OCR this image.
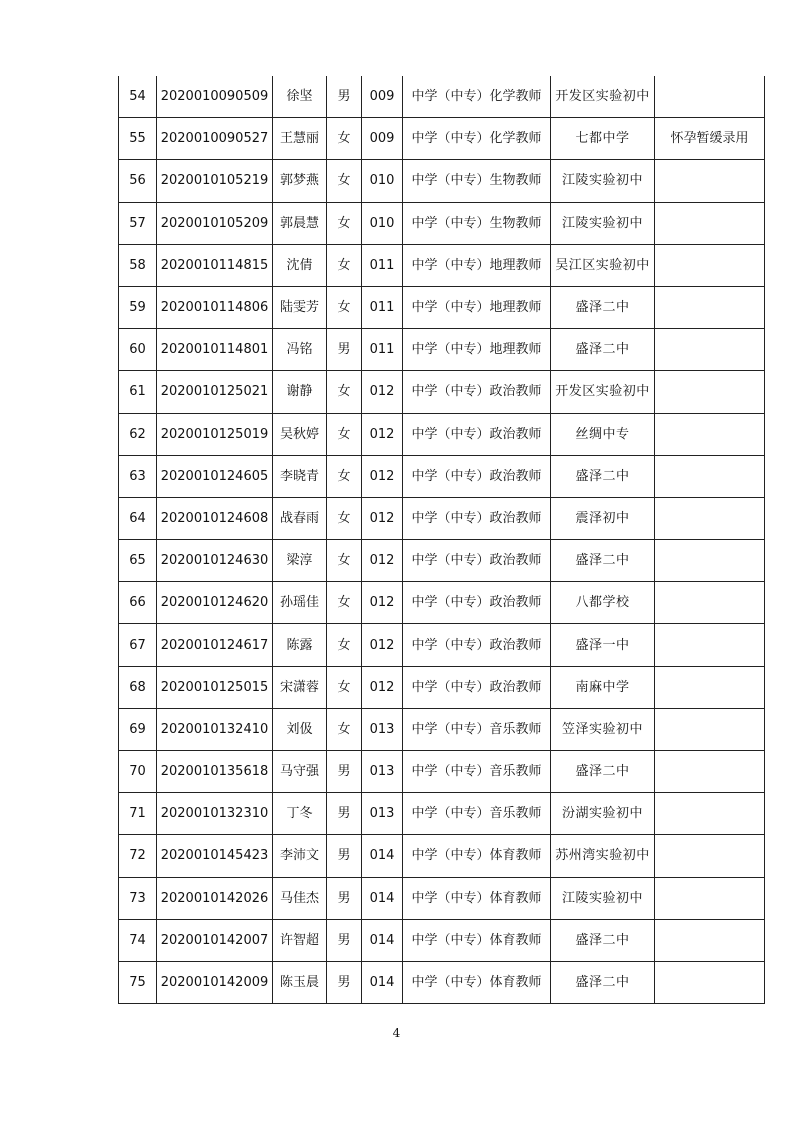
54	2020010090509	徐坚	男	009	中学（中专）化学教师	开发区实验初中	
55	2020010090527	王慧丽	女	009	中学（中专）化学教师	七都中学	怀孕暂缓录用
56	2020010105219	郭梦燕	女	010	中学（中专）生物教师	江陵实验初中	
57	2020010105209	郭晨慧	女	010	中学（中专）生物教师	江陵实验初中	
58	2020010114815	沈倩	女	011	中学（中专）地理教师	吴江区实验初中	
59	2020010114806	陆雯芳	女	011	中学（中专）地理教师	盛泽二中	
60	2020010114801	冯铭	男	011	中学（中专）地理教师	盛泽二中	
61	2020010125021	谢静	女	012	中学（中专）政治教师	开发区实验初中	
62	2020010125019	吴秋婷	女	012	中学（中专）政治教师	丝绸中专	
63	2020010124605	李晓青	女	012	中学（中专）政治教师	盛泽二中	
64	2020010124608	战春雨	女	012	中学（中专）政治教师	震泽初中	
65	2020010124630	梁淳	女	012	中学（中专）政治教师	盛泽二中	
66	2020010124620	孙瑶佳	女	012	中学（中专）政治教师	八都学校	
67	2020010124617	陈露	女	012	中学（中专）政治教师	盛泽一中	
68	2020010125015	宋潇蓉	女	012	中学（中专）政治教师	南麻中学	
69	2020010132410	刘伋	女	013	中学（中专）音乐教师	笠泽实验初中	
70	2020010135618	马守强	男	013	中学（中专）音乐教师	盛泽二中	
71	2020010132310	丁冬	男	013	中学（中专）音乐教师	汾湖实验初中	
72	2020010145423	李沛文	男	014	中学（中专）体育教师	苏州湾实验初中	
73	2020010142026	马佳杰	男	014	中学（中专）体育教师	江陵实验初中	
74	2020010142007	许智超	男	014	中学（中专）体育教师	盛泽二中	
75	2020010142009	陈玉晨	男	014	中学（中专）体育教师	盛泽二中	
4
